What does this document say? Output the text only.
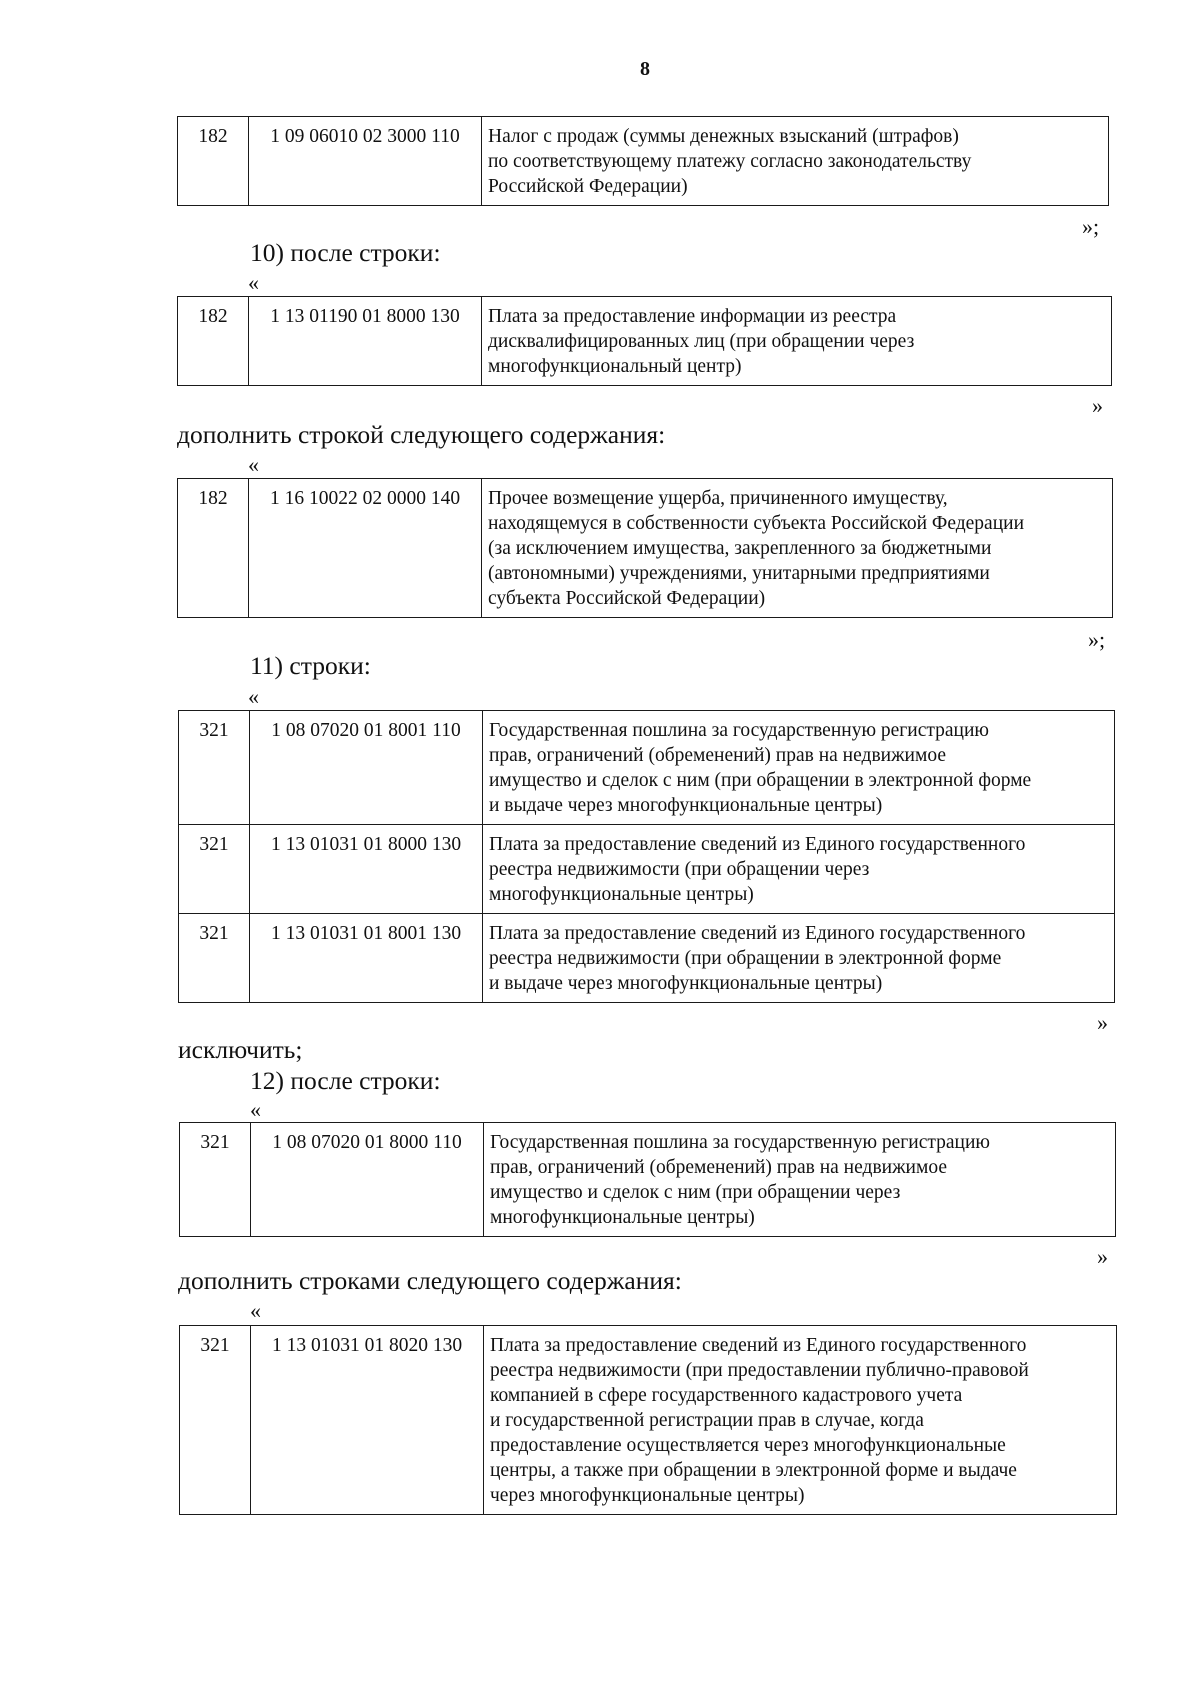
8
182	1 09 06010 02 3000 110	Налог с продаж (суммы денежных взысканий (штрафов)
по соответствующему платежу согласно законодательству
Российской Федерации)
»;
10) после строки:
«
182	1 13 01190 01 8000 130	Плата за предоставление информации из реестра
дисквалифицированных лиц (при обращении через
многофункциональный центр)
»
дополнить строкой следующего содержания:
«
182	1 16 10022 02 0000 140	Прочее возмещение ущерба, причиненного имуществу,
находящемуся в собственности субъекта Российской Федерации
(за исключением имущества, закрепленного за бюджетными
(автономными) учреждениями, унитарными предприятиями
субъекта Российской Федерации)
»;
11) строки:
«
321	1 08 07020 01 8001 110	Государственная пошлина за государственную регистрацию
прав, ограничений (обременений) прав на недвижимое
имущество и сделок с ним (при обращении в электронной форме
и выдаче через многофункциональные центры)
321	1 13 01031 01 8000 130	Плата за предоставление сведений из Единого государственного
реестра недвижимости (при обращении через
многофункциональные центры)
321	1 13 01031 01 8001 130	Плата за предоставление сведений из Единого государственного
реестра недвижимости (при обращении в электронной форме
и выдаче через многофункциональные центры)
»
исключить;
12) после строки:
«
321	1 08 07020 01 8000 110	Государственная пошлина за государственную регистрацию
прав, ограничений (обременений) прав на недвижимое
имущество и сделок с ним (при обращении через
многофункциональные центры)
»
дополнить строками следующего содержания:
«
321	1 13 01031 01 8020 130	Плата за предоставление сведений из Единого государственного
реестра недвижимости (при предоставлении публично-правовой
компанией в сфере государственного кадастрового учета
и государственной регистрации прав в случае, когда
предоставление осуществляется через многофункциональные
центры, а также при обращении в электронной форме и выдаче
через многофункциональные центры)
